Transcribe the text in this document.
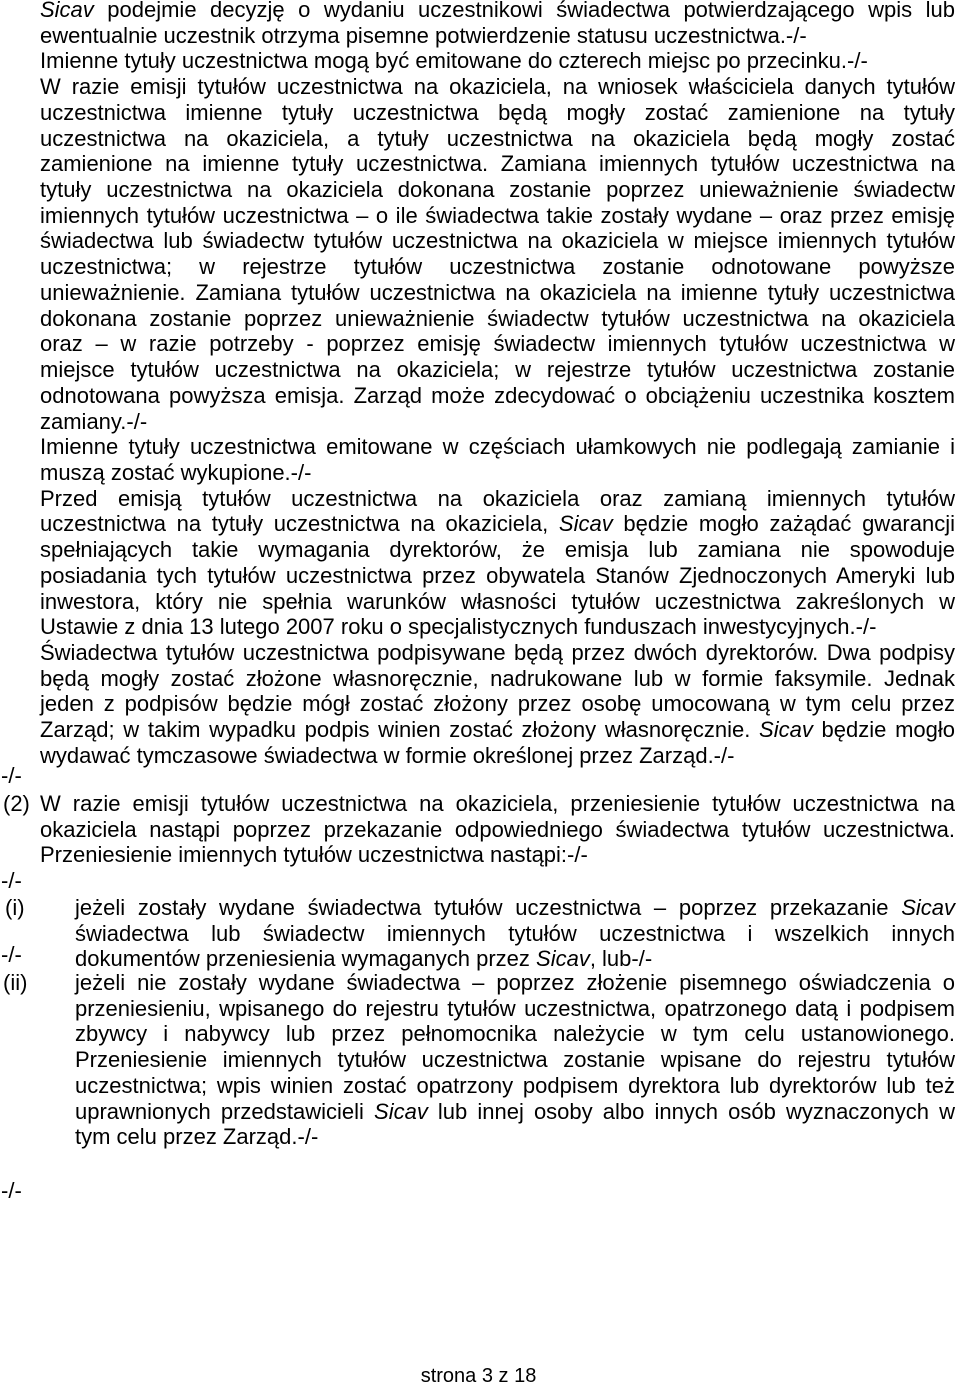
Sicav podejmie decyzję o wydaniu uczestnikowi świadectwa potwierdzającego wpis lub
ewentualnie uczestnik otrzyma pisemne potwierdzenie statusu uczestnictwa.-/-
Imienne tytuły uczestnictwa mogą być emitowane do czterech miejsc po przecinku.-/-
W razie emisji tytułów uczestnictwa na okaziciela, na wniosek właściciela danych tytułów
uczestnictwa imienne tytuły uczestnictwa będą mogły zostać zamienione na tytuły
uczestnictwa na okaziciela, a tytuły uczestnictwa na okaziciela będą mogły zostać
zamienione na imienne tytuły uczestnictwa. Zamiana imiennych tytułów uczestnictwa na
tytuły uczestnictwa na okaziciela dokonana zostanie poprzez unieważnienie świadectw
imiennych tytułów uczestnictwa – o ile świadectwa takie zostały wydane – oraz przez emisję
świadectwa lub świadectw tytułów uczestnictwa na okaziciela w miejsce imiennych tytułów
uczestnictwa; w rejestrze tytułów uczestnictwa zostanie odnotowane powyższe
unieważnienie. Zamiana tytułów uczestnictwa na okaziciela na imienne tytuły uczestnictwa
dokonana zostanie poprzez unieważnienie świadectw tytułów uczestnictwa na okaziciela
oraz – w razie potrzeby - poprzez emisję świadectw imiennych tytułów uczestnictwa w
miejsce tytułów uczestnictwa na okaziciela; w rejestrze tytułów uczestnictwa zostanie
odnotowana powyższa emisja. Zarząd może zdecydować o obciążeniu uczestnika kosztem
zamiany.-/-
Imienne tytuły uczestnictwa emitowane w częściach ułamkowych nie podlegają zamianie i
muszą zostać wykupione.-/-
Przed emisją tytułów uczestnictwa na okaziciela oraz zamianą imiennych tytułów
uczestnictwa na tytuły uczestnictwa na okaziciela, Sicav będzie mogło zażądać gwarancji
spełniających takie wymagania dyrektorów, że emisja lub zamiana nie spowoduje
posiadania tych tytułów uczestnictwa przez obywatela Stanów Zjednoczonych Ameryki lub
inwestora, który nie spełnia warunków własności tytułów uczestnictwa zakreślonych w
Ustawie z dnia 13 lutego 2007 roku o specjalistycznych funduszach inwestycyjnych.-/-
Świadectwa tytułów uczestnictwa podpisywane będą przez dwóch dyrektorów. Dwa podpisy
będą mogły zostać złożone własnoręcznie, nadrukowane lub w formie faksymile. Jednak
jeden z podpisów będzie mógł zostać złożony przez osobę umocowaną w tym celu przez
Zarząd; w takim wypadku podpis winien zostać złożony własnoręcznie. Sicav będzie mogło
wydawać tymczasowe świadectwa w formie określonej przez Zarząd.-/-
-/-
(2) W razie emisji tytułów uczestnictwa na okaziciela, przeniesienie tytułów uczestnictwa na
okaziciela nastąpi poprzez przekazanie odpowiedniego świadectwa tytułów uczestnictwa.
Przeniesienie imiennych tytułów uczestnictwa nastąpi:-/-
-/-
(i) jeżeli zostały wydane świadectwa tytułów uczestnictwa – poprzez przekazanie Sicav
świadectwa lub świadectw imiennych tytułów uczestnictwa i wszelkich innych
dokumentów przeniesienia wymaganych przez Sicav, lub-/-
-/-
(ii) jeżeli nie zostały wydane świadectwa – poprzez złożenie pisemnego oświadczenia o
przeniesieniu, wpisanego do rejestru tytułów uczestnictwa, opatrzonego datą i podpisem
zbywcy i nabywcy lub przez pełnomocnika należycie w tym celu ustanowionego.
Przeniesienie imiennych tytułów uczestnictwa zostanie wpisane do rejestru tytułów
uczestnictwa; wpis winien zostać opatrzony podpisem dyrektora lub dyrektorów lub też
uprawnionych przedstawicieli Sicav lub innej osoby albo innych osób wyznaczonych w
tym celu przez Zarząd.-/-
-/-
strona 3 z 18
